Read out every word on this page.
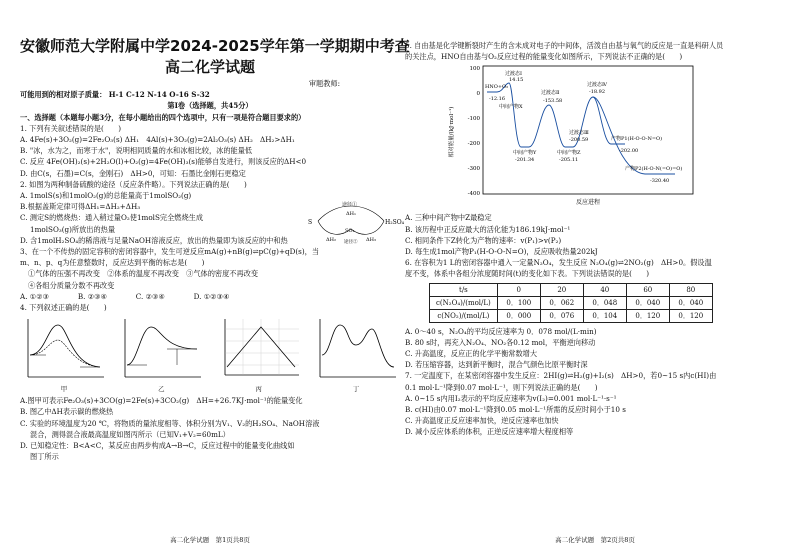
安徽师范大学附属中学2024-2025学年第一学期期中考查
高二化学试题
审题教师:
可能用到的相对原子质量： H-1 C-12 N-14 O-16 S-32
第Ⅰ卷（选择题，共45分）
一、选择题（本题每小题3分，在每小题给出的四个选项中，只有一项是符合题目要求的）
1. 下列有关叙述错误的是(　　)
A. 4Fe(s)+3O₂(g)=2Fe₂O₃(s) ΔH₁　4Al(s)+3O₂(g)=2Al₂O₃(s) ΔH₂　ΔH₂>ΔH₁
B. "冰，水为之，而寒于水"，说明相同质量的水和冰相比较，冰的能量低
C. 反应 4Fe(OH)₂(s)+2H₂O(l)+O₂(g)=4Fe(OH)₃(s)能够自发进行，则该反应的ΔH<0
D. 由C(s，石墨)=C(s，金刚石)　ΔH>0，可知：石墨比金刚石更稳定
2. 如图为两种制备硫酸的途径（反应条件略）。下列说法正确的是(　　)
A. 1molS(s)和1molO₂(g)的总能量高于1molSO₂(g)
B.根据盖斯定律可得ΔH₁=ΔH₂+ΔH₃
C. 测定S的燃烧热：通入稍过量O₂使1molS完全燃烧生成
1molSO₃(g)所放出的热量
D. 含1molH₂SO₄的稀溶液与足量NaOH溶液反应，放出的热量即为该反应的中和热
3、在一个不传热的固定容积的密闭容器中，发生可逆反应mA(g)+nB(g)⇌pC(g)+qD(s)，当
m、n、p、q为任意整数时，反应达到平衡的标志是(　　)
①气体的压强不再改变　②体系的温度不再改变　③气体的密度不再改变
④各组分质量分数不再改变
A. ①②③　　　　B. ②③④　　　　C. ②③④　　　　D. ①②③④
4. 下列叙述正确的是(　　)
甲	乙	丙	丁
A.图甲可表示Fe₂O₃(s)+3CO(g)=2Fe(s)+3CO₂(g)　ΔH=+26.7KJ·mol⁻¹的能量变化
B. 图乙中ΔH表示碳的燃烧热
C. 实验的环境温度为20 ℃，将物质的量浓度相等、体积分别为V₁、V₂的H₂SO₄、NaOH溶液
混合，测得混合液最高温度如图丙所示（已知V₁+V₂=60mL）
D. 已知稳定性：B<A<C，某反应由两步构成A→B→C，反应过程中的能量变化曲线如
图丁所示
S	H₂SO₄
SO₂
途径①
ΔH₁
ΔH₂	ΔH₃
途径②
高二化学试题　第1页共8页
5. 自由基是化学键断裂时产生的含未成对电子的中间体，活泼自由基与氧气的反应是一直是科研人员
的关注点，HNO自由基与O₂反应过程的能量变化如图所示，下列说法不正确的是(　　)
100
0
-100
-200
-300
-400
相对能量/(kJ·mol⁻¹)
反应进程
HNO+O₂
过渡态Ⅰ
-12.16
14.15
中间产物X
过渡态Ⅱ
-153.58
中间产物Y
-201.34
过渡态Ⅲ
-200.59
中间产物Z
-205.11
过渡态Ⅳ
-18.92
产物P1(H-O-O-N=O)
-202.00
产物P2(H-O-N(=O)=O)
-320.40
A. 三种中间产物中Z最稳定
B. 该历程中正反应最大的活化能为186.19kJ·mol⁻¹
C. 相同条件下Z转化为产物的速率：v(P₁)>v(P₂)
D. 每生成1mol产物P₁(H-O-O-N=O)，反应吸收热量202kJ
6. 在容积为1 L的密闭容器中通入一定量N₂O₄，发生反应 N₂O₄(g)⇌2NO₂(g)　ΔH>0。假设温
度不变，体系中各组分浓度随时间(t)的变化如下表。下列说法错误的是(　　)
t/s	0	20	40	60	80
c(N₂O₄)/(mol/L)	0．100	0．062	0．048	0．040	0．040
c(NO₂)/(mol/L)	0．000	0．076	0．104	0．120	0．120
A. 0～40 s，N₂O₄的平均反应速率为 0．078 mol/(L·min)
B. 80 s时，再充入N₂O₄、NO₂各0.12 mol，平衡逆向移动
C. 升高温度，反应正的化学平衡常数增大
D. 若压缩容器，达到新平衡时，混合气颜色比原平衡时深
7. 一定温度下，在某密闭容器中发生反应：2HI(g)⇌H₂(g)+I₂(s)　ΔH>0，若0~15 s内c(HI)由
0.1 mol·L⁻¹降到0.07 mol·L⁻¹，则下列说法正确的是(　　)
A. 0~15 s内用I₂表示的平均反应速率为v(I₂)=0.001 mol·L⁻¹·s⁻¹
B. c(HI)由0.07 mol·L⁻¹降到0.05 mol·L⁻¹所需的反应时间小于10 s
C. 升高温度正反应速率加快，逆反应速率也加快
D. 减小反应体系的体积，正逆反应速率增大程度相等
高二化学试题　第2页共8页
